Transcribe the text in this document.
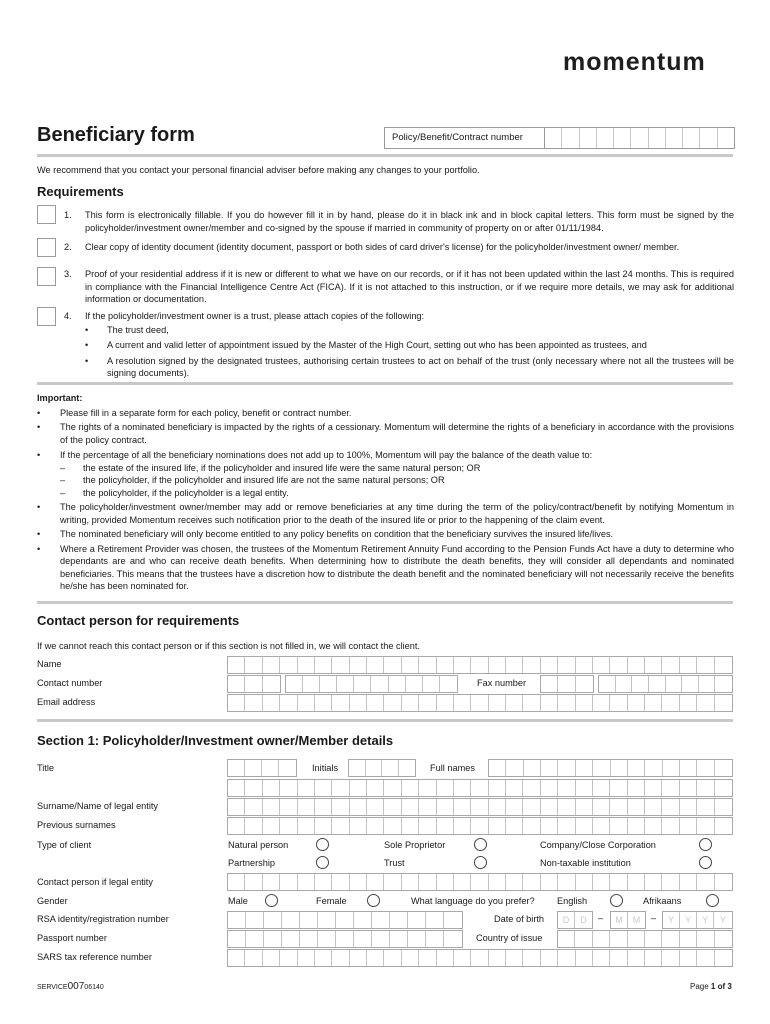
momentum
Beneficiary form	Policy/Benefit/Contract number
We recommend that you contact your personal financial adviser before making any changes to your portfolio.
Requirements
1.	This form is electronically fillable. If you do however fill it in by hand, please do it in black ink and in block capital letters. This form must be signed by the policyholder/investment owner/member and co-signed by the spouse if married in community of property on or after 01/11/1984.
2.	Clear copy of identity document (identity document, passport or both sides of card driver's license) for the policyholder/investment owner/ member.
3.	Proof of your residential address if it is new or different to what we have on our records, or if it has not been updated within the last 24 months. This is required in compliance with the Financial Intelligence Centre Act (FICA). If it is not attached to this instruction, or if we require more details, we may ask for additional information or documentation.
4.	If the policyholder/investment owner is a trust, please attach copies of the following:
•	The trust deed,
•	A current and valid letter of appointment issued by the Master of the High Court, setting out who has been appointed as trustees, and
•	A resolution signed by the designated trustees, authorising certain trustees to act on behalf of the trust (only necessary where not all the trustees will be signing documents).
Important:
•	Please fill in a separate form for each policy, benefit or contract number.
•	The rights of a nominated beneficiary is impacted by the rights of a cessionary. Momentum will determine the rights of a beneficiary in accordance with the provisions of the policy contract.
•	If the percentage of all the beneficiary nominations does not add up to 100%, Momentum will pay the balance of the death value to:
–	the estate of the insured life, if the policyholder and insured life were the same natural person; OR
–	the policyholder, if the policyholder and insured life are not the same natural persons; OR
–	the policyholder, if the policyholder is a legal entity.
•	The policyholder/investment owner/member may add or remove beneficiaries at any time during the term of the policy/contract/benefit by notifying Momentum in writing, provided Momentum receives such notification prior to the death of the insured life or prior to the happening of the claim event.
•	The nominated beneficiary will only become entitled to any policy benefits on condition that the beneficiary survives the insured life/lives.
•	Where a Retirement Provider was chosen, the trustees of the Momentum Retirement Annuity Fund according to the Pension Funds Act have a duty to determine who dependants are and who can receive death benefits. When determining how to distribute the death benefits, they will consider all dependants and nominated beneficiaries. This means that the trustees have a discretion how to distribute the death benefit and the nominated beneficiary will not necessarily receive the benefits he/she has been nominated for.
Contact person for requirements
If we cannot reach this contact person or if this section is not filled in, we will contact the client.
Name
Contact number	Fax number
Email address
Section 1: Policyholder/Investment owner/Member details
Title	Initials	Full names
Surname/Name of legal entity
Previous surnames
Type of client	Natural person	Sole Proprietor	Company/Close Corporation
Partnership	Trust	Non-taxable institution
Contact person if legal entity
Gender	Male	Female	What language do you prefer? English	Afrikaans
RSA identity/registration number	Date of birth	D	D	–	M	M	–	Y	Y	Y	Y
Passport number	Country of issue
SARS tax reference number
SERVICE00706140	Page 1 of 3
